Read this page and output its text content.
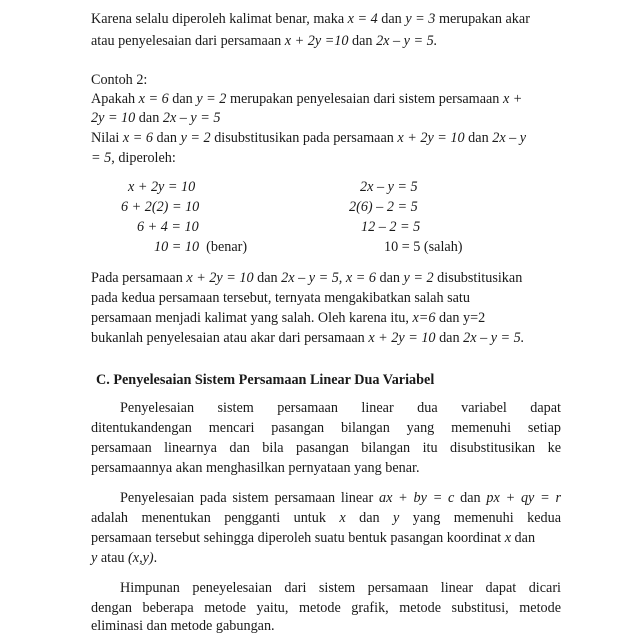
Karena selalu diperoleh kalimat benar, maka x = 4 dan y = 3 merupakan akar
atau penyelesaian dari persamaan x + 2y =10 dan 2x – y = 5.
Contoh 2:
Apakah x = 6 dan y = 2 merupakan penyelesaian dari sistem persamaan x +
2y = 10 dan 2x – y = 5
Nilai x = 6 dan y = 2 disubstitusikan pada persamaan x + 2y = 10 dan 2x – y
= 5, diperoleh:
x + 2y = 10
6 + 2(2) = 10
6 + 4 = 10
10 = 10 (benar)
2x – y = 5
2(6) – 2 = 5
12 – 2 = 5
10 = 5 (salah)
Pada persamaan x + 2y = 10 dan 2x – y = 5, x = 6 dan y = 2 disubstitusikan
pada kedua persamaan tersebut, ternyata mengakibatkan salah satu
persamaan menjadi kalimat yang salah. Oleh karena itu, x=6 dan y=2
bukanlah penyelesaian atau akar dari persamaan x + 2y = 10 dan 2x – y = 5.
C. Penyelesaian Sistem Persamaan Linear Dua Variabel
Penyelesaian sistem persamaan linear dua variabel dapat
ditentukandengan mencari pasangan bilangan yang memenuhi setiap
persamaan linearnya dan bila pasangan bilangan itu disubstitusikan ke
persamaannya akan menghasilkan pernyataan yang benar.
Penyelesaian pada sistem persamaan linear ax + by = c dan px + qy = r
adalah menentukan pengganti untuk x dan y yang memenuhi kedua
persamaan tersebut sehingga diperoleh suatu bentuk pasangan koordinat x dan
y atau (x,y).
Himpunan peneyelesaian dari sistem persamaan linear dapat dicari
dengan beberapa metode yaitu, metode grafik, metode substitusi, metode
eliminasi dan metode gabungan.
